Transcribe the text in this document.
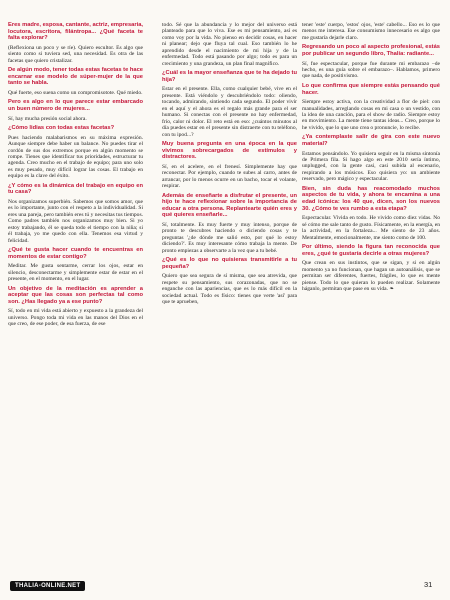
Eres madre, esposa, cantante, actriz, empresaria, locutora, escritora, filántropa... ¿Qué faceta te falta explorar?

(Reflexiona un poco y se ríe). Quiero escultor. Es algo que siento como si tuviera sed, una necesidad. Es otra de las facetas que quiero cristalizar.

De algún modo, tener todas estas facetas te hace encarnar ese modelo de súper-mujer de la que tanto se habla.

Qué fuerte, eso suena como un compromisotote. Qué miedo.

Pero es algo en lo que parece estar embarcado un buen número de mujeres...

Sí, hay mucha presión social ahora.

¿Cómo lidias con todas estas facetas?

Pues haciendo malabarismos en su máxima expresión. Aunque siempre debe haber un balance. No puedes tirar el cordón de sus dos extremos porque en algún momento se rompe. Tienes que identificar tus prioridades, estructurar tu agenda. Creo mucho en el trabajo de equipo; para uno solo es muy pesado, muy difícil lograr las cosas. El trabajo en equipo es la clave del éxito.

¿Y cómo es la dinámica del trabajo en equipo en tu casa?

Nos organizamos superbién. Sabemos que somos amor, que es lo importante, junto con el respeto a la individualidad. Si eres una pareja, pero también eres tú y necesitas tus tiempos. Como padres también nos organizamos muy bien. Si yo estoy trabajando, él se queda todo el tiempo con la niña; si él trabaja, yo me quedo con ella. Tenemos esa virtud y felicidad.

¿Qué te gusta hacer cuando te encuentras en momentos de estar contigo?

Meditar. Me gusta sentarme, cerrar los ojos, estar en silencio, desconectarme y simplemente estar de estar en el presente, en el momento, en el lugar.

Un objetivo de la meditación es aprender a aceptar que las cosas son perfectas tal como son. ¿Has llegado ya a ese punto?

Sí, todo en mi vida está abierto y expuesto a la grandeza del universo. Pongo toda mi vida en las manos del Dios en el que creo, de ese poder, de esa fuerza, de ese

todo. Sé que la abundancia y lo mejor del universo está planteado para que lo viva. Ese es mi pensamiento, así es como voy por la vida. No pienso en decidir cosas, en hacer ni planear; dejo que fluya tal cual. Eso también lo he aprendido desde el nacimiento de mi hija y de la enfermedad. Todo está pasando por algo; todo es para un crecimiento y una grandeza, un plan final magnífico.

¿Cuál es la mayor enseñanza que te ha dejado tu hija?

Estar en el presente. Ella, como cualquier bebé, vive en el presente. Está viéndolo y descubriéndolo todo: oliendo, tocando, admirando, sintiendo cada segundo. El poder vivir en el aquí y el ahora es el regalo más grande para el ser humano. Si conectas con el presente no hay enfermedad, frío, calor ni dolor. El reto está en eso: ¿cuántos minutos al día puedes estar en el presente sin distraerte con tu teléfono, con tu ipod...?

Muy buena pregunta en una época en la que vivimos sobrecargados de estímulos y distractores.

Sí, en el acelere, en el frenesí. Simplemente hay que reconectar. Por ejemplo, cuando te subes al carro, antes de arrancar, por lo menos ocurre en un bacho, tocar el volante, respirar.

Además de enseñarte a disfrutar el presente, un hijo te hace reflexionar sobre la importancia de educar a otra persona. Replantearte quién eres y qué quieres enseñarle...

Sí, totalmente. Es muy fuerte y muy intenso, porque de pronto te descubres haciendo o diciendo cosas y te preguntas '¿de dónde me salió esto, por qué lo estoy diciendo?'. Es muy interesante cómo trabaja la mente. De pronto empiezas a observarte a la vez que a tu bebé.

¿Qué es lo que no quisieras transmitirle a tu pequeña?

Quiero que sea segura de sí misma, que sea atrevida, que respete su pensamiento, sus corazonadas, que no se enganche con las apariencias, que es lo más difícil en la sociedad actual. Todo es físico: tienes que verte 'así' para que te aprueben,

tener 'este' cuerpo, 'estos' ojos, 'este' cabello... Eso es lo que menos me interesa. Ese consumismo innecesario es algo que me gustaría dejarle claro.

Regresando un poco al aspecto profesional, estás por publicar un segundo libro, Thalía: radiante...

Sí, fue espectacular, porque fue durante mi embarazo –de hecho, es una guía sobre el embarazo–. Hablamos, primero que nada, de positivismo.

Lo que confirma que siempre estás pensando qué hacer.

Siempre estoy activa, con la creatividad a flor de piel: con manualidades, arreglando cosas en mi casa o un vestido, con la idea de una canción, para el show de radio. Siempre estoy en movimiento. La mente tiene tantas ideas... Creo, porque lo he vivido, que lo que uno crea o pronuncie, lo recibe.

¿Ya contemplaste salir de gira con este nuevo material?

Estamos pensándolo. Yo quisiera seguir en la misma sintonía de Primera fila. Si hago algo en este 2010 sería íntimo, unplugged, con la gente casi, casi subida al escenario, respirando a los músicos. Eso quisiera yo: un ambiente reservado, pero mágico y espectacular.

Bien, sin duda has reacomodado muchos aspectos de tu vida, y ahora te encamina a una edad icónica: los 40 que, dicen, son los nuevos 30. ¿Cómo te ves rumbo a esta etapa?

Espectacular. Vivida en todo. He vivido como diez vidas. No sé cómo me sale tanto de gusto. Físicamente, en la energía, en la actividad, en la fortaleza... Me siento de 23 años. Mentalmente, emocionalmente, me siento como de 100.

Por último, siendo la figura tan reconocida que eres, ¿qué te gustaría decirle a otras mujeres?

Que crean en sus instintos, que se sigan, y si en algún momento ya no funcionan, que hagan un autoanálisis, que se permitan ser diferentes, fuertes, frágiles, lo que es mente piense. Todo lo que quieran lo pueden realizar. Solamente háganlo, permitan que pase en su vida. ❧

THALIA-ONLINE.NET	31
